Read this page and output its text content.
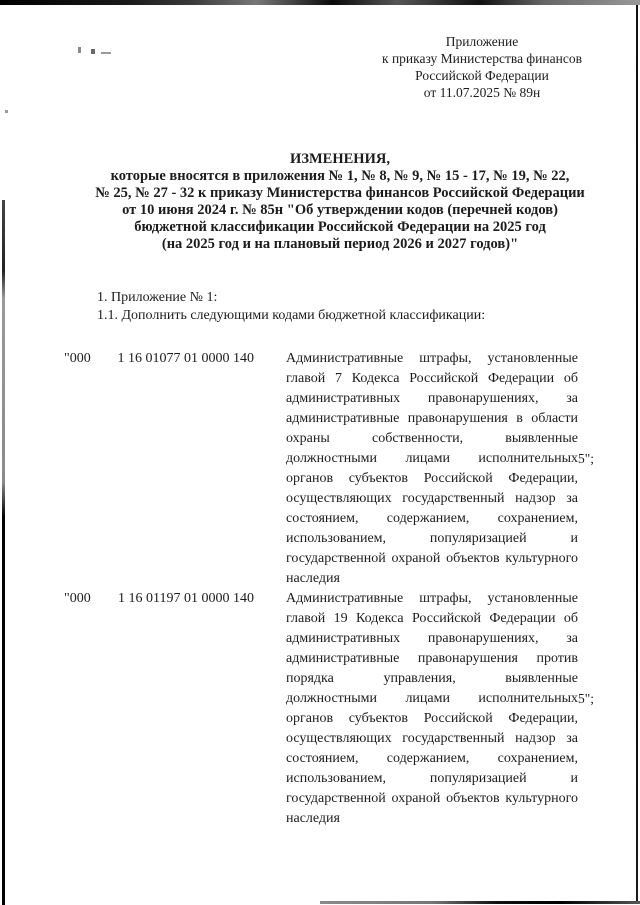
Приложение
к приказу Министерства финансов
Российской Федерации
от 11.07.2025 № 89н
ИЗМЕНЕНИЯ,
которые вносятся в приложения № 1, № 8, № 9, № 15 - 17, № 19, № 22,
№ 25, № 27 - 32 к приказу Министерства финансов Российской Федерации
от 10 июня 2024 г. № 85н "Об утверждении кодов (перечней кодов)
бюджетной классификации Российской Федерации на 2025 год
(на 2025 год и на плановый период 2026 и 2027 годов)"
1. Приложение № 1:
1.1. Дополнить следующими кодами бюджетной классификации:
"000 1 16 01077 01 0000 140 Административные штрафы, установленные главой 7 Кодекса Российской Федерации об административных правонарушениях, за административные правонарушения в области охраны собственности, выявленные должностными лицами исполнительных органов субъектов Российской Федерации, осуществляющих государственный надзор за состоянием, содержанием, сохранением, использованием, популяризацией и государственной охраной объектов культурного наследия
5";
"000 1 16 01197 01 0000 140 Административные штрафы, установленные главой 19 Кодекса Российской Федерации об административных правонарушениях, за административные правонарушения против порядка управления, выявленные должностными лицами исполнительных органов субъектов Российской Федерации, осуществляющих государственный надзор за состоянием, содержанием, сохранением, использованием, популяризацией и государственной охраной объектов культурного наследия
5";
